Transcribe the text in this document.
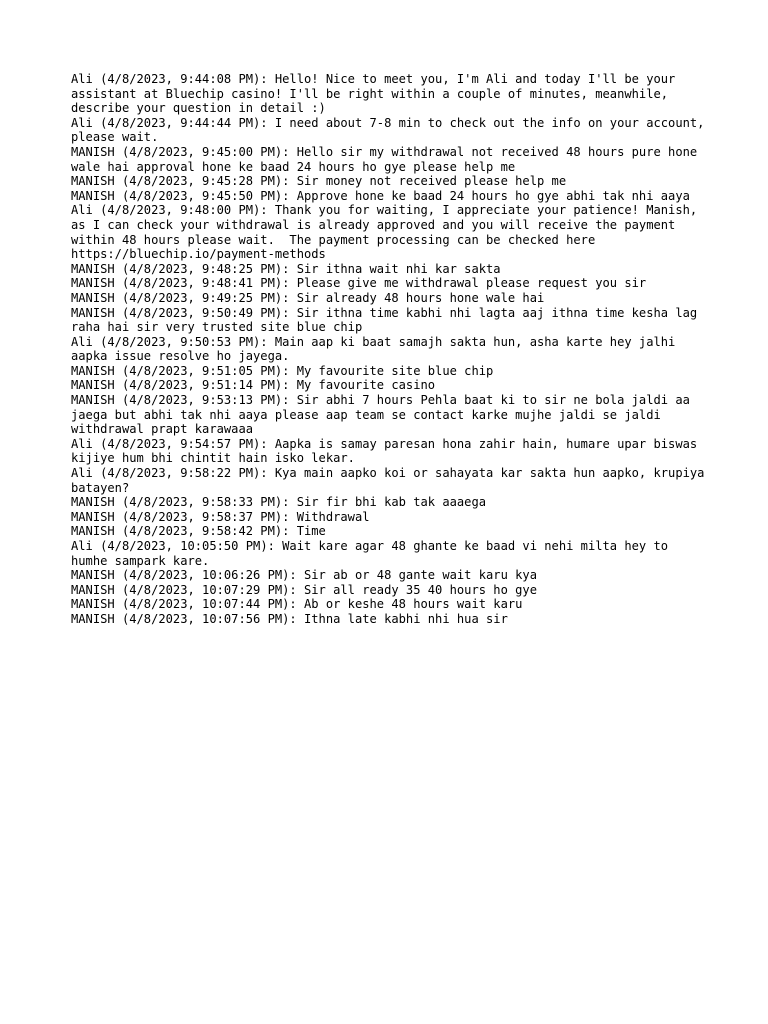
Ali (4/8/2023, 9:44:08 PM): Hello! Nice to meet you, I'm Ali and today I'll be your assistant at Bluechip casino! I'll be right within a couple of minutes, meanwhile, describe your question in detail :)

Ali (4/8/2023, 9:44:44 PM): I need about 7-8 min to check out the info on your account, please wait.

MANISH (4/8/2023, 9:45:00 PM): Hello sir my withdrawal not received 48 hours pure hone wale hai approval hone ke baad 24 hours ho gye please help me

MANISH (4/8/2023, 9:45:28 PM): Sir money not received please help me

MANISH (4/8/2023, 9:45:50 PM): Approve hone ke baad 24 hours ho gye abhi tak nhi aaya

Ali (4/8/2023, 9:48:00 PM): Thank you for waiting, I appreciate your patience! Manish, as I can check your withdrawal is already approved and you will receive the payment within 48 hours please wait.  The payment processing can be checked here https://bluechip.io/payment-methods

MANISH (4/8/2023, 9:48:25 PM): Sir ithna wait nhi kar sakta

MANISH (4/8/2023, 9:48:41 PM): Please give me withdrawal please request you sir

MANISH (4/8/2023, 9:49:25 PM): Sir already 48 hours hone wale hai

MANISH (4/8/2023, 9:50:49 PM): Sir ithna time kabhi nhi lagta aaj ithna time kesha lag raha hai sir very trusted site blue chip

Ali (4/8/2023, 9:50:53 PM): Main aap ki baat samajh sakta hun, asha karte hey jalhi aapka issue resolve ho jayega.

MANISH (4/8/2023, 9:51:05 PM): My favourite site blue chip

MANISH (4/8/2023, 9:51:14 PM): My favourite casino

MANISH (4/8/2023, 9:53:13 PM): Sir abhi 7 hours Pehla baat ki to sir ne bola jaldi aa jaega but abhi tak nhi aaya please aap team se contact karke mujhe jaldi se jaldi withdrawal prapt karawaaa

Ali (4/8/2023, 9:54:57 PM): Aapka is samay paresan hona zahir hain, humare upar biswas kijiye hum bhi chintit hain isko lekar.

Ali (4/8/2023, 9:58:22 PM): Kya main aapko koi or sahayata kar sakta hun aapko, krupiya batayen?

MANISH (4/8/2023, 9:58:33 PM): Sir fir bhi kab tak aaaega

MANISH (4/8/2023, 9:58:37 PM): Withdrawal

MANISH (4/8/2023, 9:58:42 PM): Time

Ali (4/8/2023, 10:05:50 PM): Wait kare agar 48 ghante ke baad vi nehi milta hey to humhe sampark kare.

MANISH (4/8/2023, 10:06:26 PM): Sir ab or 48 gante wait karu kya

MANISH (4/8/2023, 10:07:29 PM): Sir all ready 35 40 hours ho gye

MANISH (4/8/2023, 10:07:44 PM): Ab or keshe 48 hours wait karu

MANISH (4/8/2023, 10:07:56 PM): Ithna late kabhi nhi hua sir
